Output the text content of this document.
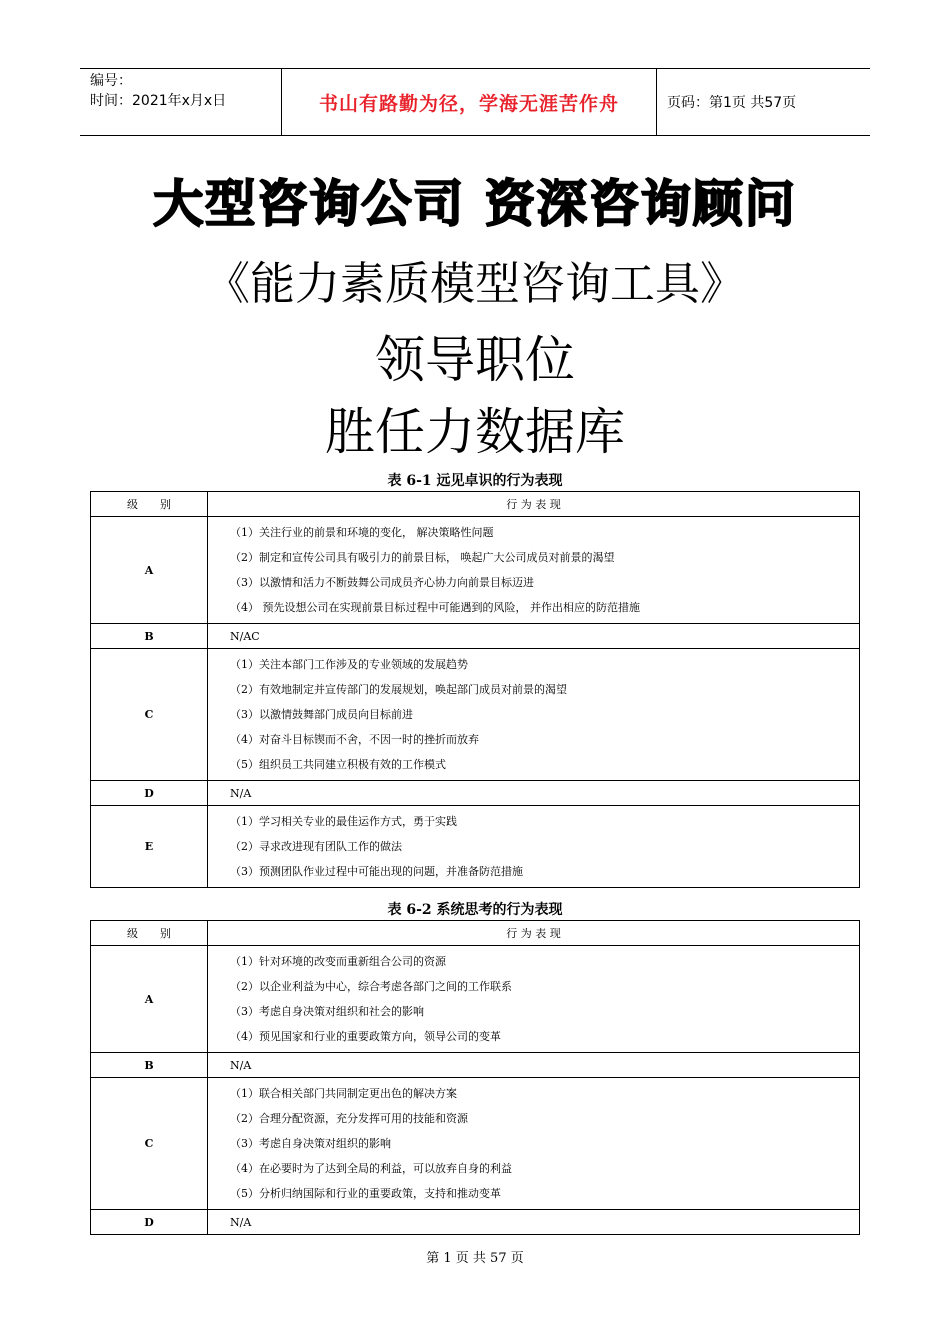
编号：
时间：2021年x月x日	书山有路勤为径，学海无涯苦作舟	页码：第1页 共57页
大型咨询公司 资深咨询顾问
《能力素质模型咨询工具》
领导职位
胜任力数据库
表 6-1 远见卓识的行为表现
级　　别	行 为 表 现
A	（1）关注行业的前景和环境的变化， 解决策略性问题
（2）制定和宣传公司具有吸引力的前景目标， 唤起广大公司成员对前景的渴望
（3）以激情和活力不断鼓舞公司成员齐心协力向前景目标迈进
（4） 预先设想公司在实现前景目标过程中可能遇到的风险， 并作出相应的防范措施

B	N/AC
C	（1）关注本部门工作涉及的专业领域的发展趋势
（2）有效地制定并宣传部门的发展规划，唤起部门成员对前景的渴望
（3）以激情鼓舞部门成员向目标前进
（4）对奋斗目标锲而不舍，不因一时的挫折而放弃
（5）组织员工共同建立积极有效的工作模式

D	N/A
E	（1）学习相关专业的最佳运作方式，勇于实践
（2）寻求改进现有团队工作的做法
（3）预测团队作业过程中可能出现的问题，并准备防范措施
表 6-2 系统思考的行为表现
级　　别	行 为 表 现
A	（1）针对环境的改变而重新组合公司的资源
（2）以企业利益为中心，综合考虑各部门之间的工作联系
（3）考虑自身决策对组织和社会的影响
（4）预见国家和行业的重要政策方向，领导公司的变革

B	N/A
C	（1）联合相关部门共同制定更出色的解决方案
（2）合理分配资源，充分发挥可用的技能和资源
（3）考虑自身决策对组织的影响
（4）在必要时为了达到全局的利益，可以放弃自身的利益
（5）分析归纳国际和行业的重要政策，支持和推动变革

D	N/A
第 1 页 共 57 页
